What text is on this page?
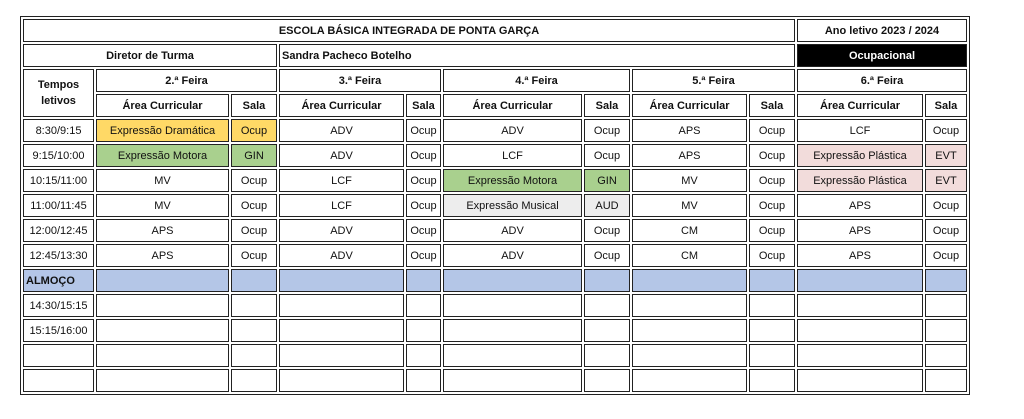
ESCOLA BÁSICA INTEGRADA DE PONTA GARÇA									Ano letivo 2023 / 2024	
Diretor de Turma			Sandra Pacheco Botelho						Ocupacional	
Tempos letivos	2.ª Feira		3.ª Feira		4.ª Feira		5.ª Feira		6.ª Feira	
	Área Curricular	Sala	Área Curricular	Sala	Área Curricular	Sala	Área Curricular	Sala	Área Curricular	Sala
8:30/9:15	Expressão Dramática	Ocup	ADV	Ocup	ADV	Ocup	APS	Ocup	LCF	Ocup
9:15/10:00	Expressão Motora	GIN	ADV	Ocup	LCF	Ocup	APS	Ocup	Expressão Plástica	EVT
10:15/11:00	MV	Ocup	LCF	Ocup	Expressão Motora	GIN	MV	Ocup	Expressão Plástica	EVT
11:00/11:45	MV	Ocup	LCF	Ocup	Expressão Musical	AUD	MV	Ocup	APS	Ocup
12:00/12:45	APS	Ocup	ADV	Ocup	ADV	Ocup	CM	Ocup	APS	Ocup
12:45/13:30	APS	Ocup	ADV	Ocup	ADV	Ocup	CM	Ocup	APS	Ocup
ALMOÇO										
14:30/15:15										
15:15/16:00										
